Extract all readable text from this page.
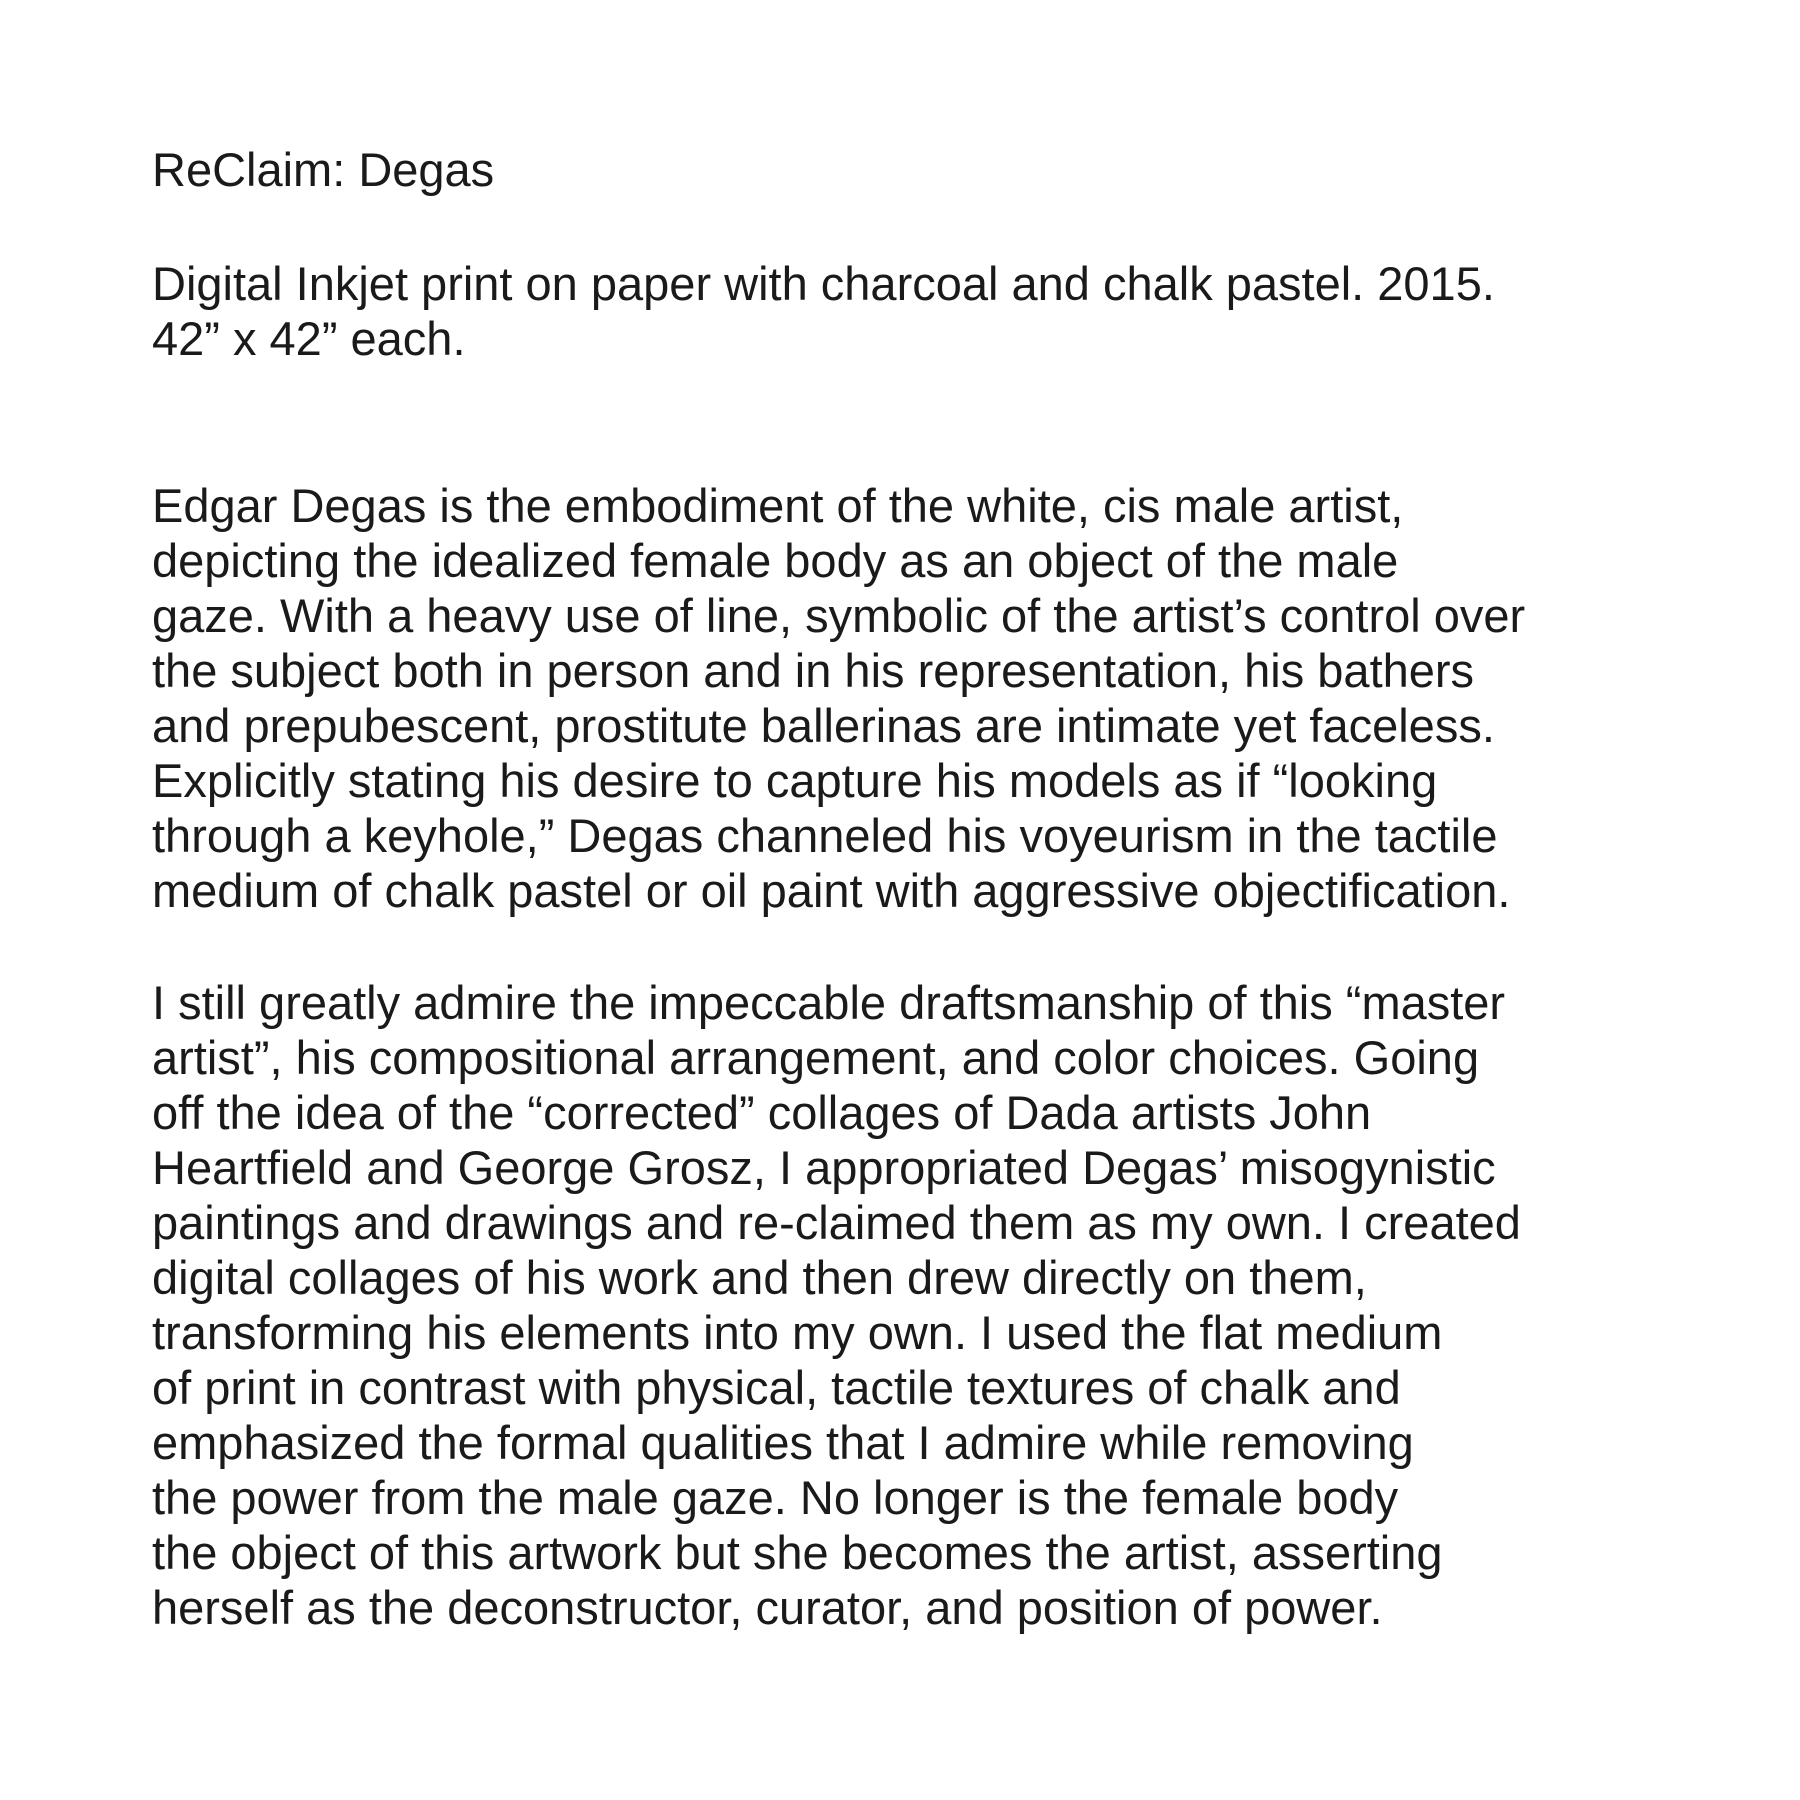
ReClaim: Degas
Digital Inkjet print on paper with charcoal and chalk pastel. 2015.
42” x 42” each.
Edgar Degas is the embodiment of the white, cis male artist,
depicting the idealized female body as an object of the male
gaze. With a heavy use of line, symbolic of the artist’s control over
the subject both in person and in his representation, his bathers
and prepubescent, prostitute ballerinas are intimate yet faceless.
Explicitly stating his desire to capture his models as if “looking
through a keyhole,” Degas channeled his voyeurism in the tactile
medium of chalk pastel or oil paint with aggressive objectification.
I still greatly admire the impeccable draftsmanship of this “master
artist”, his compositional arrangement, and color choices. Going
off the idea of the “corrected” collages of Dada artists John
Heartfield and George Grosz, I appropriated Degas’ misogynistic
paintings and drawings and re-claimed them as my own. I created
digital collages of his work and then drew directly on them,
transforming his elements into my own. I used the flat medium
of print in contrast with physical, tactile textures of chalk and
emphasized the formal qualities that I admire while removing
the power from the male gaze. No longer is the female body
the object of this artwork but she becomes the artist, asserting
herself as the deconstructor, curator, and position of power.
